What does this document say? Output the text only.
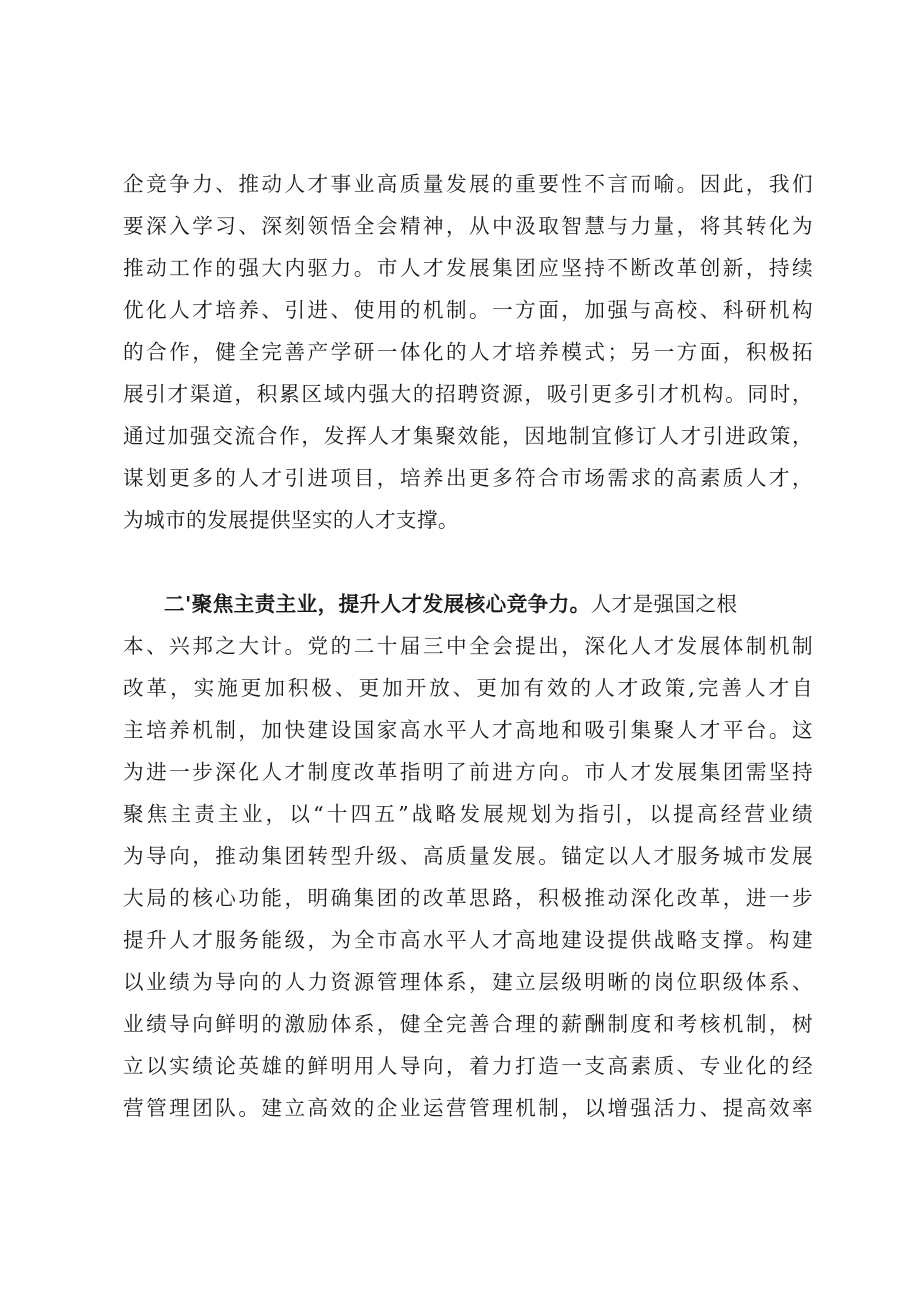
企竞争力、推动人才事业高质量发展的重要性不言而喻。因此，我们
要深入学习、深刻领悟全会精神，从中汲取智慧与力量，将其转化为
推动工作的强大内驱力。市人才发展集团应坚持不断改革创新，持续
优化人才培养、引进、使用的机制。一方面，加强与高校、科研机构
的合作，健全完善产学研一体化的人才培养模式；另一方面，积极拓
展引才渠道，积累区域内强大的招聘资源，吸引更多引才机构。同时，
通过加强交流合作，发挥人才集聚效能，因地制宜修订人才引进政策，
谋划更多的人才引进项目，培养出更多符合市场需求的高素质人才，
为城市的发展提供坚实的人才支撑。
二'聚焦主责主业，提升人才发展核心竞争力。人才是强国之根
本、兴邦之大计。党的二十届三中全会提出，深化人才发展体制机制
改革，实施更加积极、更加开放、更加有效的人才政策,完善人才自
主培养机制，加快建设国家高水平人才高地和吸引集聚人才平台。这
为进一步深化人才制度改革指明了前进方向。市人才发展集团需坚持
聚焦主责主业，以“十四五”战略发展规划为指引，以提高经营业绩
为导向，推动集团转型升级、高质量发展。锚定以人才服务城市发展
大局的核心功能，明确集团的改革思路，积极推动深化改革，进一步
提升人才服务能级，为全市高水平人才高地建设提供战略支撑。构建
以业绩为导向的人力资源管理体系，建立层级明晰的岗位职级体系、
业绩导向鲜明的激励体系，健全完善合理的薪酬制度和考核机制，树
立以实绩论英雄的鲜明用人导向，着力打造一支高素质、专业化的经
营管理团队。建立高效的企业运营管理机制，以增强活力、提高效率
